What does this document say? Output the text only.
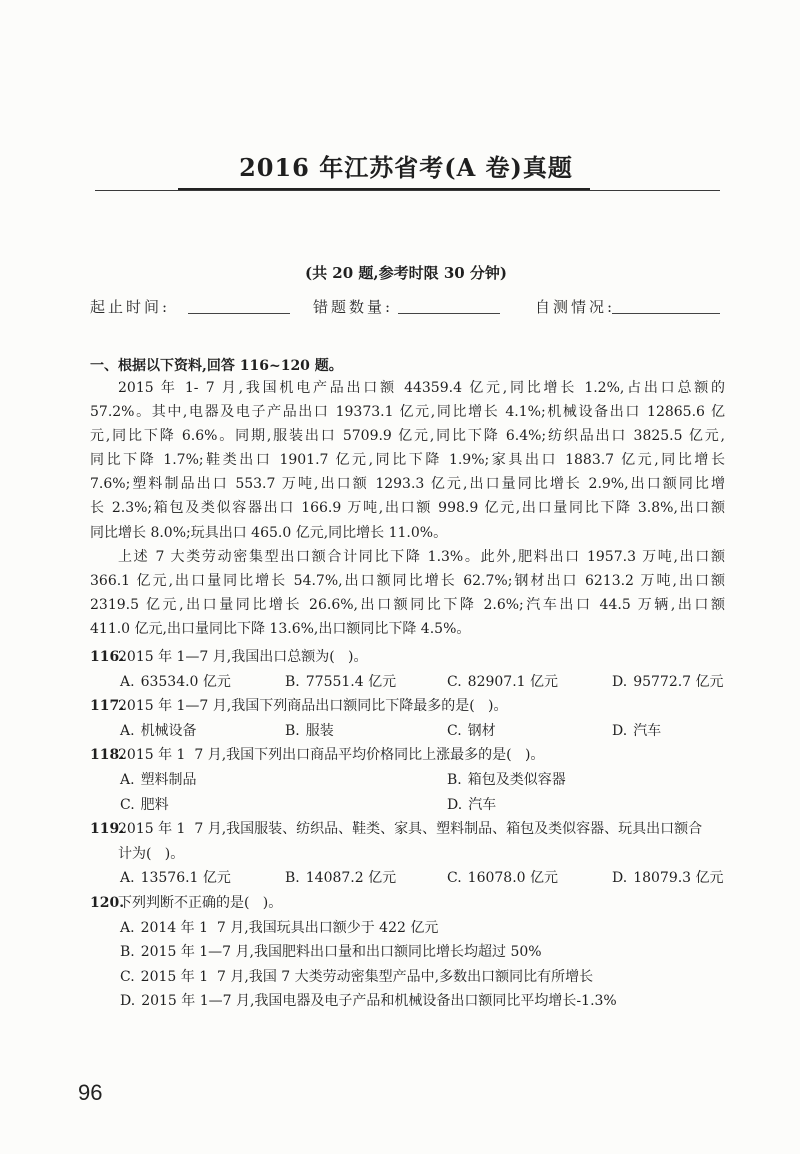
2016 年江苏省考(A 卷)真题
(共 20 题,参考时限 30 分钟)
起止时间:	错题数量:	自测情况:
一、根据以下资料,回答 116~120 题。
2015 年 1- 7 月,我国机电产品出口额 44359.4 亿元,同比增长 1.2%,占出口总额的
57.2%。其中,电器及电子产品出口 19373.1 亿元,同比增长 4.1%;机械设备出口 12865.6 亿
元,同比下降 6.6%。同期,服装出口 5709.9 亿元,同比下降 6.4%;纺织品出口 3825.5 亿元,
同比下降 1.7%;鞋类出口 1901.7 亿元,同比下降 1.9%;家具出口 1883.7 亿元,同比增长
7.6%;塑料制品出口 553.7 万吨,出口额 1293.3 亿元,出口量同比增长 2.9%,出口额同比增
长 2.3%;箱包及类似容器出口 166.9 万吨,出口额 998.9 亿元,出口量同比下降 3.8%,出口额
同比增长 8.0%;玩具出口 465.0 亿元,同比增长 11.0%。
上述 7 大类劳动密集型出口额合计同比下降 1.3%。此外,肥料出口 1957.3 万吨,出口额
366.1 亿元,出口量同比增长 54.7%,出口额同比增长 62.7%;钢材出口 6213.2 万吨,出口额
2319.5 亿元,出口量同比增长 26.6%,出口额同比下降 2.6%;汽车出口 44.5 万辆,出口额
411.0 亿元,出口量同比下降 13.6%,出口额同比下降 4.5%。
116.
2015 年 1—7 月,我国出口总额为(   )。
A. 63534.0 亿元	B. 77551.4 亿元	C. 82907.1 亿元	D. 95772.7 亿元
117.
2015 年 1—7 月,我国下列商品出口额同比下降最多的是(   )。
A. 机械设备	B. 服装	C. 钢材	D. 汽车
118.
2015 年 1  7 月,我国下列出口商品平均价格同比上涨最多的是(   )。
A. 塑料制品	B. 箱包及类似容器
C. 肥料	D. 汽车
119.
2015 年 1  7 月,我国服装、纺织品、鞋类、家具、塑料制品、箱包及类似容器、玩具出口额合
计为(   )。
A. 13576.1 亿元	B. 14087.2 亿元	C. 16078.0 亿元	D. 18079.3 亿元
120.
下列判断不正确的是(   )。
A. 2014 年 1  7 月,我国玩具出口额少于 422 亿元
B. 2015 年 1—7 月,我国肥料出口量和出口额同比增长均超过 50%
C. 2015 年 1  7 月,我国 7 大类劳动密集型产品中,多数出口额同比有所增长
D. 2015 年 1—7 月,我国电器及电子产品和机械设备出口额同比平均增长-1.3%
96
